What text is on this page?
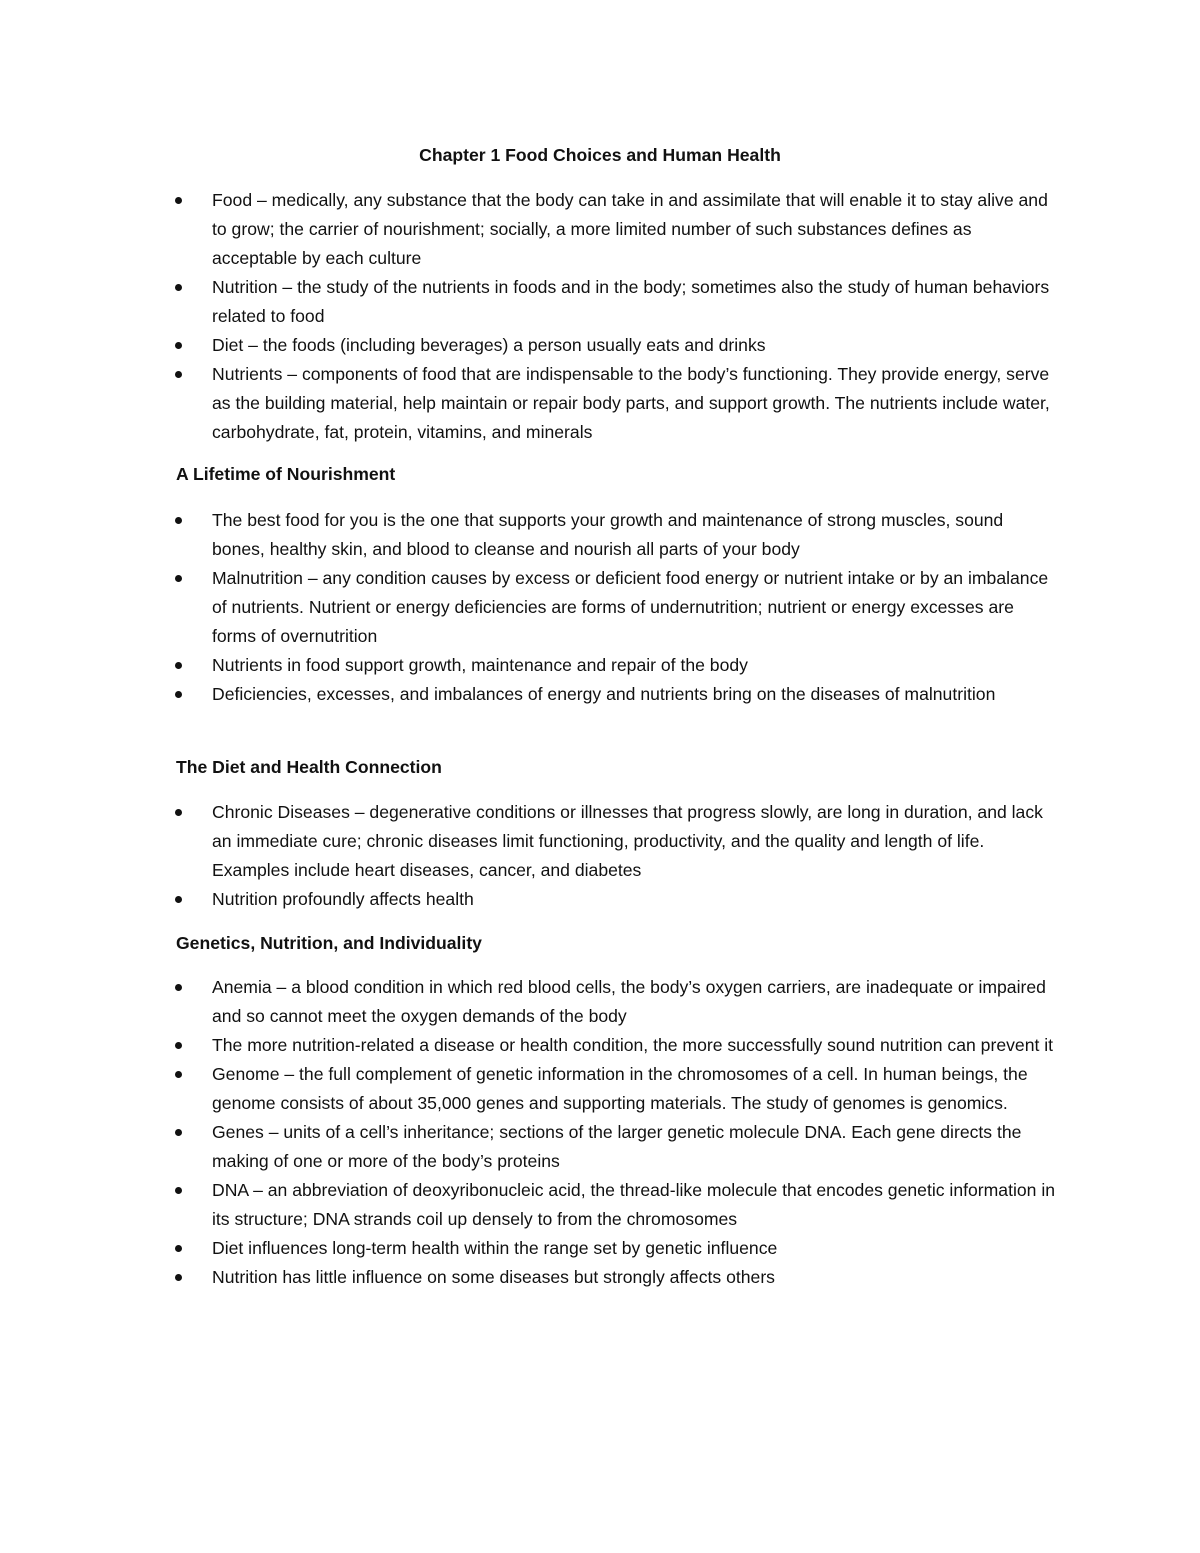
Chapter 1 Food Choices and Human Health
Food – medically, any substance that the body can take in and assimilate that will enable it to stay alive and to grow; the carrier of nourishment; socially, a more limited number of such substances defines as acceptable by each culture
Nutrition – the study of the nutrients in foods and in the body; sometimes also the study of human behaviors related to food
Diet – the foods (including beverages) a person usually eats and drinks
Nutrients – components of food that are indispensable to the body’s functioning. They provide energy, serve as the building material, help maintain or repair body parts, and support growth. The nutrients include water, carbohydrate, fat, protein, vitamins, and minerals
A Lifetime of Nourishment
The best food for you is the one that supports your growth and maintenance of strong muscles, sound bones, healthy skin, and blood to cleanse and nourish all parts of your body
Malnutrition – any condition causes by excess or deficient food energy or nutrient intake or by an imbalance of nutrients. Nutrient or energy deficiencies are forms of undernutrition; nutrient or energy excesses are forms of overnutrition
Nutrients in food support growth, maintenance and repair of the body
Deficiencies, excesses, and imbalances of energy and nutrients bring on the diseases of malnutrition
The Diet and Health Connection
Chronic Diseases – degenerative conditions or illnesses that progress slowly, are long in duration, and lack an immediate cure; chronic diseases limit functioning, productivity, and the quality and length of life. Examples include heart diseases, cancer, and diabetes
Nutrition profoundly affects health
Genetics, Nutrition, and Individuality
Anemia – a blood condition in which red blood cells, the body’s oxygen carriers, are inadequate or impaired and so cannot meet the oxygen demands of the body
The more nutrition-related a disease or health condition, the more successfully sound nutrition can prevent it
Genome – the full complement of genetic information in the chromosomes of a cell. In human beings, the genome consists of about 35,000 genes and supporting materials. The study of genomes is genomics.
Genes – units of a cell’s inheritance; sections of the larger genetic molecule DNA. Each gene directs the making of one or more of the body’s proteins
DNA – an abbreviation of deoxyribonucleic acid, the thread-like molecule that encodes genetic information in its structure; DNA strands coil up densely to from the chromosomes
Diet influences long-term health within the range set by genetic influence
Nutrition has little influence on some diseases but strongly affects others
